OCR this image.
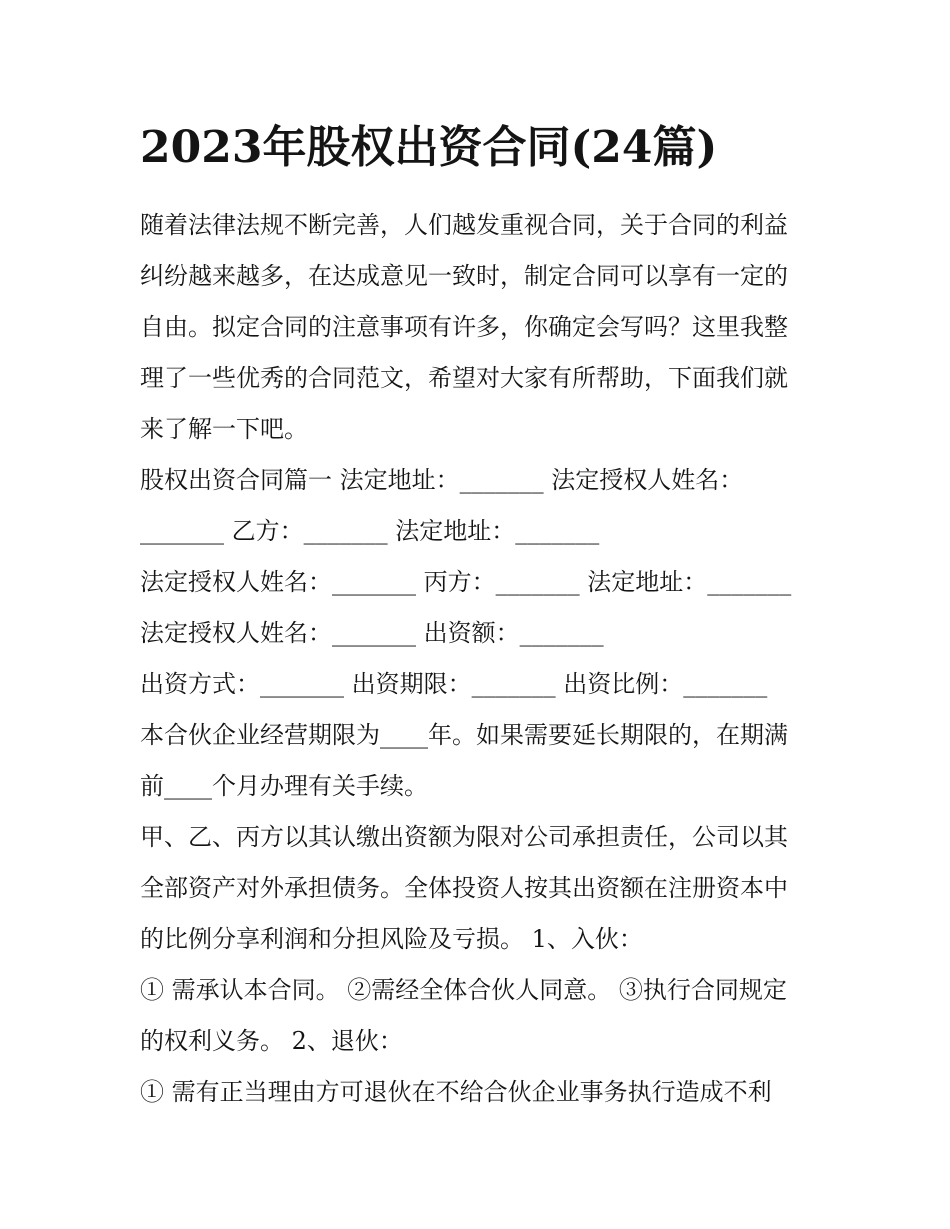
2023年股权出资合同(24篇)
随着法律法规不断完善，人们越发重视合同，关于合同的利益
纠纷越来越多，在达成意见一致时，制定合同可以享有一定的
自由。拟定合同的注意事项有许多，你确定会写吗？这里我整
理了一些优秀的合同范文，希望对大家有所帮助，下面我们就
来了解一下吧。
股权出资合同篇一 法定地址：_______ 法定授权人姓名：
_______ 乙方：_______ 法定地址：_______
法定授权人姓名：_______ 丙方：_______ 法定地址：_______
法定授权人姓名：_______ 出资额：_______
出资方式：_______ 出资期限：_______ 出资比例：_______
本合伙企业经营期限为____年。如果需要延长期限的，在期满
前____个月办理有关手续。
甲、乙、丙方以其认缴出资额为限对公司承担责任，公司以其
全部资产对外承担债务。全体投资人按其出资额在注册资本中
的比例分享利润和分担风险及亏损。 1、入伙：
① 需承认本合同。 ②需经全体合伙人同意。 ③执行合同规定
的权利义务。 2、退伙：
① 需有正当理由方可退伙在不给合伙企业事务执行造成不利
